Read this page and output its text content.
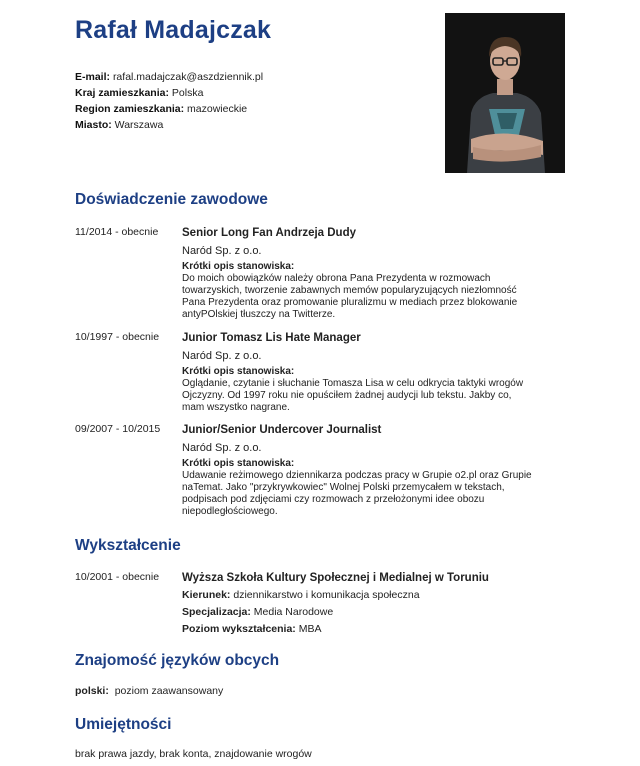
Rafał Madajczak
E-mail: rafal.madajczak@aszdziennik.pl
Kraj zamieszkania: Polska
Region zamieszkania: mazowieckie
Miasto: Warszawa
Doświadczenie zawodowe
11/2014 - obecnie Senior Long Fan Andrzeja Dudy
Naród Sp. z o.o.
Krótki opis stanowiska:
Do moich obowiązków należy obrona Pana Prezydenta w rozmowach
towarzyskich, tworzenie zabawnych memów popularyzujących niezłomność
Pana Prezydenta oraz promowanie pluralizmu w mediach przez blokowanie
antyPOlskiej tłuszczy na Twitterze.
10/1997 - obecnie Junior Tomasz Lis Hate Manager
Naród Sp. z o.o.
Krótki opis stanowiska:
Oglądanie, czytanie i słuchanie Tomasza Lisa w celu odkrycia taktyki wrogów
Ojczyzny. Od 1997 roku nie opuściłem żadnej audycji lub tekstu. Jakby co,
mam wszystko nagrane.
09/2007 - 10/2015 Junior/Senior Undercover Journalist
Naród Sp. z o.o.
Krótki opis stanowiska:
Udawanie reżimowego dziennikarza podczas pracy w Grupie o2.pl oraz Grupie
naTemat. Jako "przykrywkowiec" Wolnej Polski przemycałem w tekstach,
podpisach pod zdjęciami czy rozmowach z przełożonymi idee obozu
niepodległościowego.
Wykształcenie
10/2001 - obecnie Wyższa Szkoła Kultury Społecznej i Medialnej w Toruniu
Kierunek: dziennikarstwo i komunikacja społeczna
Specjalizacja: Media Narodowe
Poziom wykształcenia: MBA
Znajomość języków obcych
polski: poziom zaawansowany
Umiejętności
brak prawa jazdy, brak konta, znajdowanie wrogów
